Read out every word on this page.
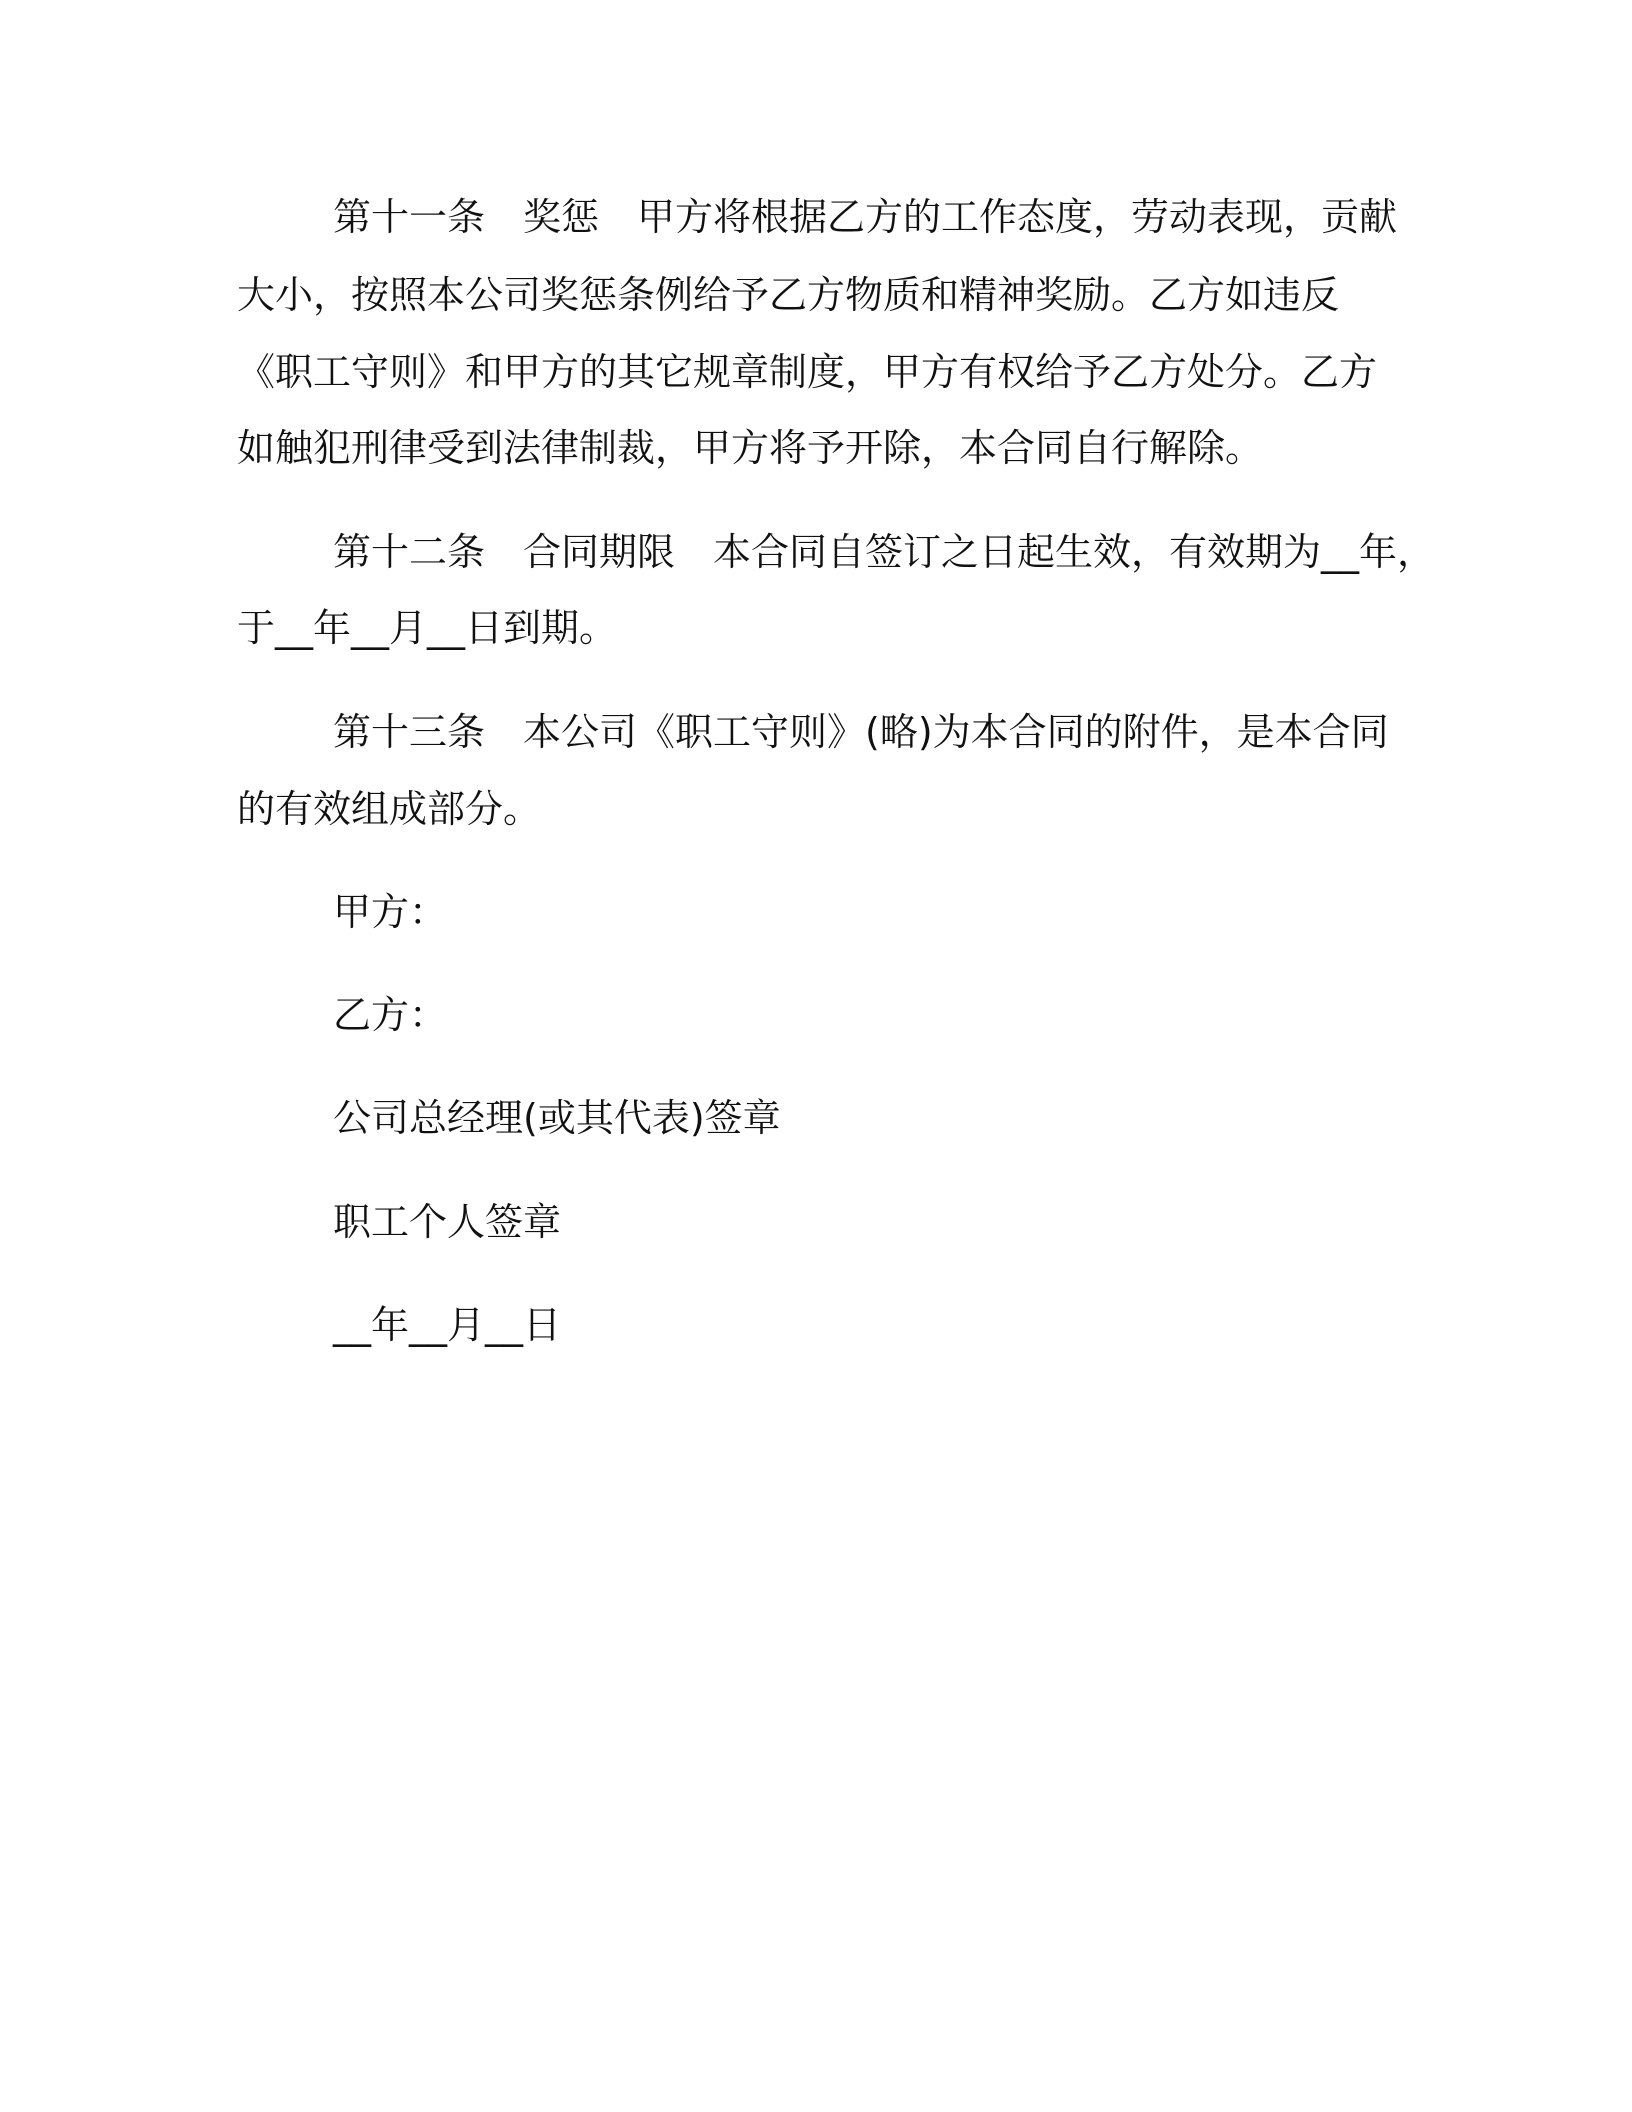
第十一条　奖惩　甲方将根据乙方的工作态度，劳动表现，贡献
大小，按照本公司奖惩条例给予乙方物质和精神奖励。乙方如违反
《职工守则》和甲方的其它规章制度，甲方有权给予乙方处分。乙方
如触犯刑律受到法律制裁，甲方将予开除，本合同自行解除。
第十二条　合同期限　本合同自签订之日起生效，有效期为__年，
于__年__月__日到期。
第十三条　本公司《职工守则》(略)为本合同的附件，是本合同
的有效组成部分。
甲方：
乙方：
公司总经理(或其代表)签章
职工个人签章
__年__月__日
